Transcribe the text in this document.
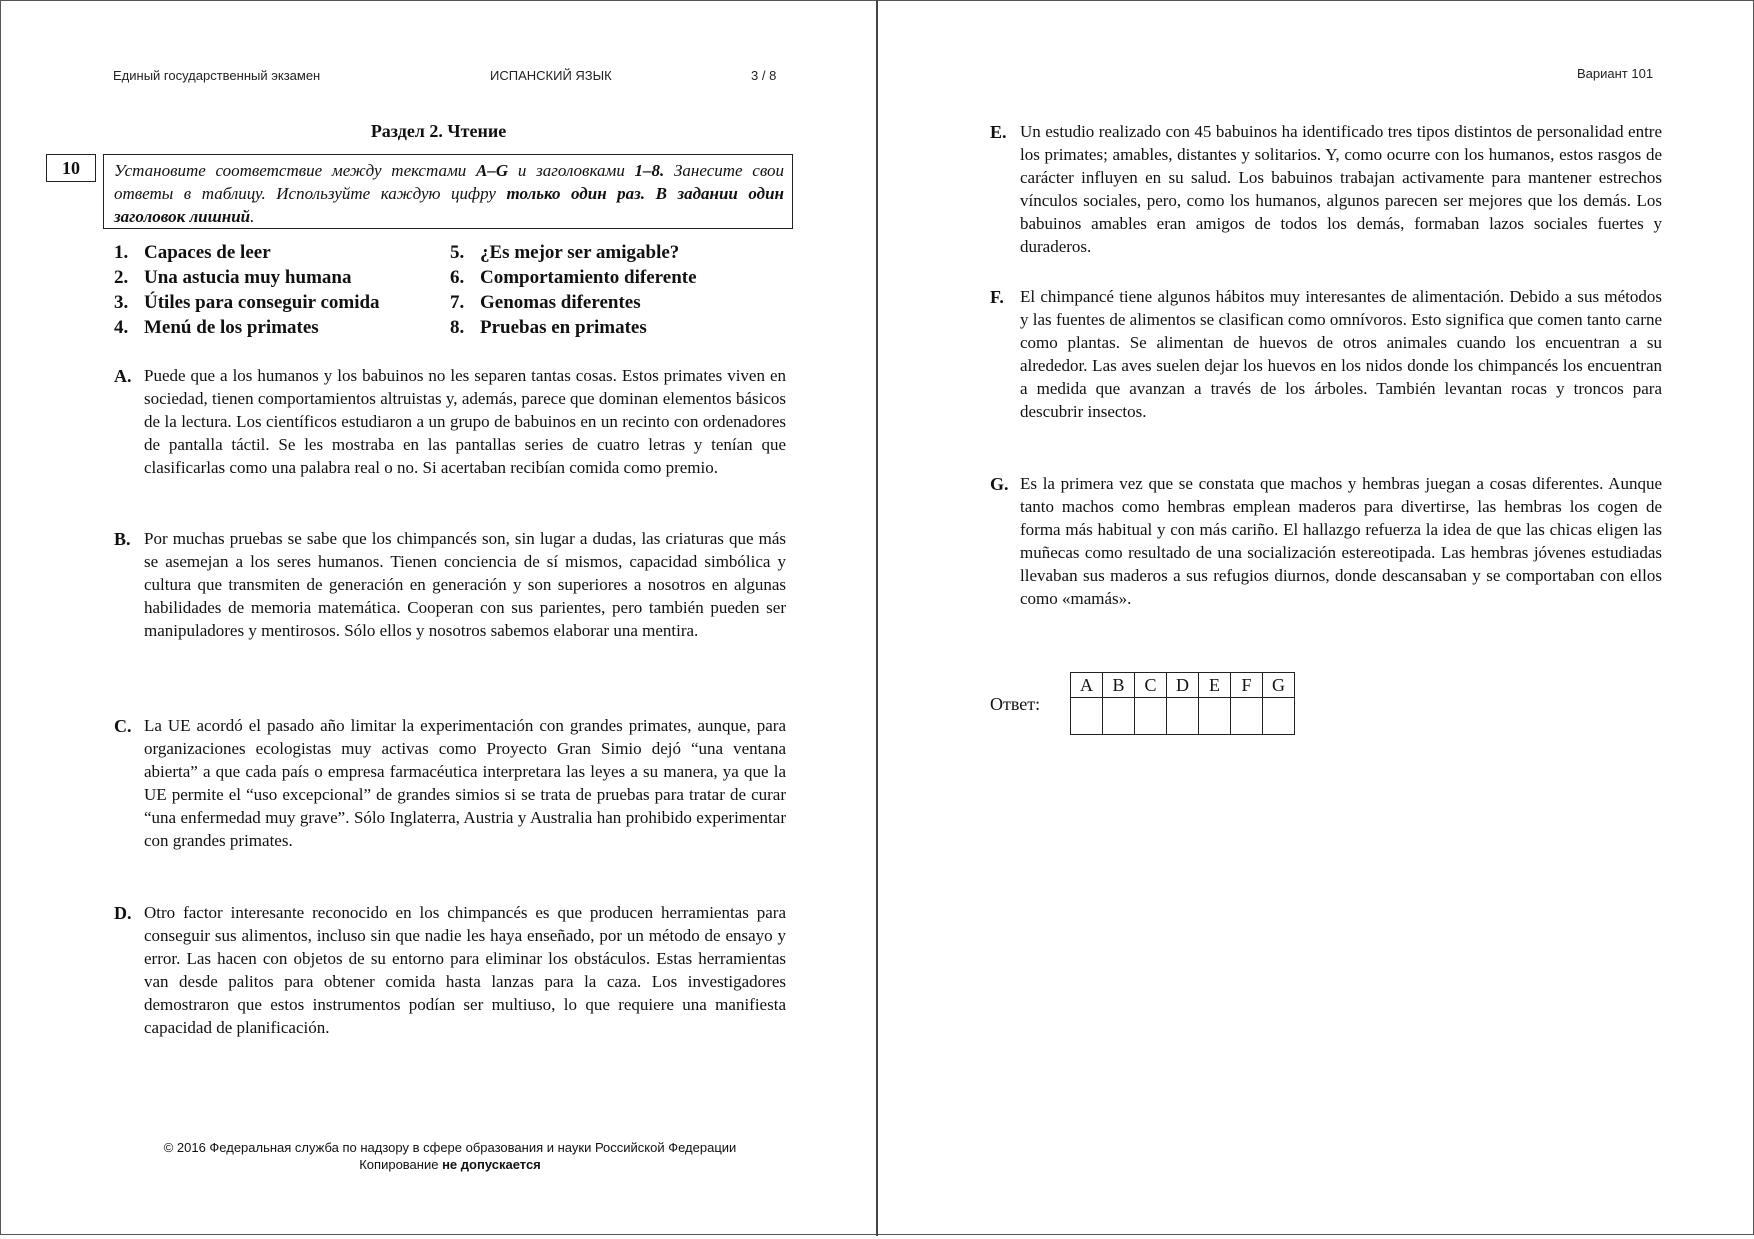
Единый государственный экзамен	ИСПАНСКИЙ ЯЗЫК	3 / 8	Вариант 101
Раздел 2. Чтение
10	Установите соответствие между текстами A–G и заголовками 1–8. Занесите свои ответы в таблицу. Используйте каждую цифру только один раз. В задании один заголовок лишний.
1. Capaces de leer
2. Una astucia muy humana
3. Útiles para conseguir comida
4. Menú de los primates
5. ¿Es mejor ser amigable?
6. Comportamiento diferente
7. Genomas diferentes
8. Pruebas en primates
A. Puede que a los humanos y los babuinos no les separen tantas cosas. Estos primates viven en sociedad, tienen comportamientos altruistas y, además, parece que dominan elementos básicos de la lectura. Los científicos estudiaron a un grupo de babuinos en un recinto con ordenadores de pantalla táctil. Se les mostraba en las pantallas series de cuatro letras y tenían que clasificarlas como una palabra real o no. Si acertaban recibían comida como premio.
B. Por muchas pruebas se sabe que los chimpancés son, sin lugar a dudas, las criaturas que más se asemejan a los seres humanos. Tienen conciencia de sí mismos, capacidad simbólica y cultura que transmiten de generación en generación y son superiores a nosotros en algunas habilidades de memoria matemática. Cooperan con sus parientes, pero también pueden ser manipuladores y mentirosos. Sólo ellos y nosotros sabemos elaborar una mentira.
C. La UE acordó el pasado año limitar la experimentación con grandes primates, aunque, para organizaciones ecologistas muy activas como Proyecto Gran Simio dejó “una ventana abierta” a que cada país o empresa farmacéutica interpretara las leyes a su manera, ya que la UE permite el “uso excepcional” de grandes simios si se trata de pruebas para tratar de curar “una enfermedad muy grave”. Sólo Inglaterra, Austria y Australia han prohibido experimentar con grandes primates.
D. Otro factor interesante reconocido en los chimpancés es que producen herramientas para conseguir sus alimentos, incluso sin que nadie les haya enseñado, por un método de ensayo y error. Las hacen con objetos de su entorno para eliminar los obstáculos. Estas herramientas van desde palitos para obtener comida hasta lanzas para la caza. Los investigadores demostraron que estos instrumentos podían ser multiuso, lo que requiere una manifiesta capacidad de planificación.
E. Un estudio realizado con 45 babuinos ha identificado tres tipos distintos de personalidad entre los primates; amables, distantes y solitarios. Y, como ocurre con los humanos, estos rasgos de carácter influyen en su salud. Los babuinos trabajan activamente para mantener estrechos vínculos sociales, pero, como los humanos, algunos parecen ser mejores que los demás. Los babuinos amables eran amigos de todos los demás, formaban lazos sociales fuertes y duraderos.
F. El chimpancé tiene algunos hábitos muy interesantes de alimentación. Debido a sus métodos y las fuentes de alimentos se clasifican como omnívoros. Esto significa que comen tanto carne como plantas. Se alimentan de huevos de otros animales cuando los encuentran a su alrededor. Las aves suelen dejar los huevos en los nidos donde los chimpancés los encuentran a medida que avanzan a través de los árboles. También levantan rocas y troncos para descubrir insectos.
G. Es la primera vez que se constata que machos y hembras juegan a cosas diferentes. Aunque tanto machos como hembras emplean maderos para divertirse, las hembras los cogen de forma más habitual y con más cariño. El hallazgo refuerza la idea de que las chicas eligen las muñecas como resultado de una socialización estereotipada. Las hembras jóvenes estudiadas llevaban sus maderos a sus refugios diurnos, donde descansaban y se comportaban con ellos como «mamás».
Ответ:
A	B	C	D	E	F	G

© 2016 Федеральная служба по надзору в сфере образования и науки Российской Федерации
Копирование не допускается
